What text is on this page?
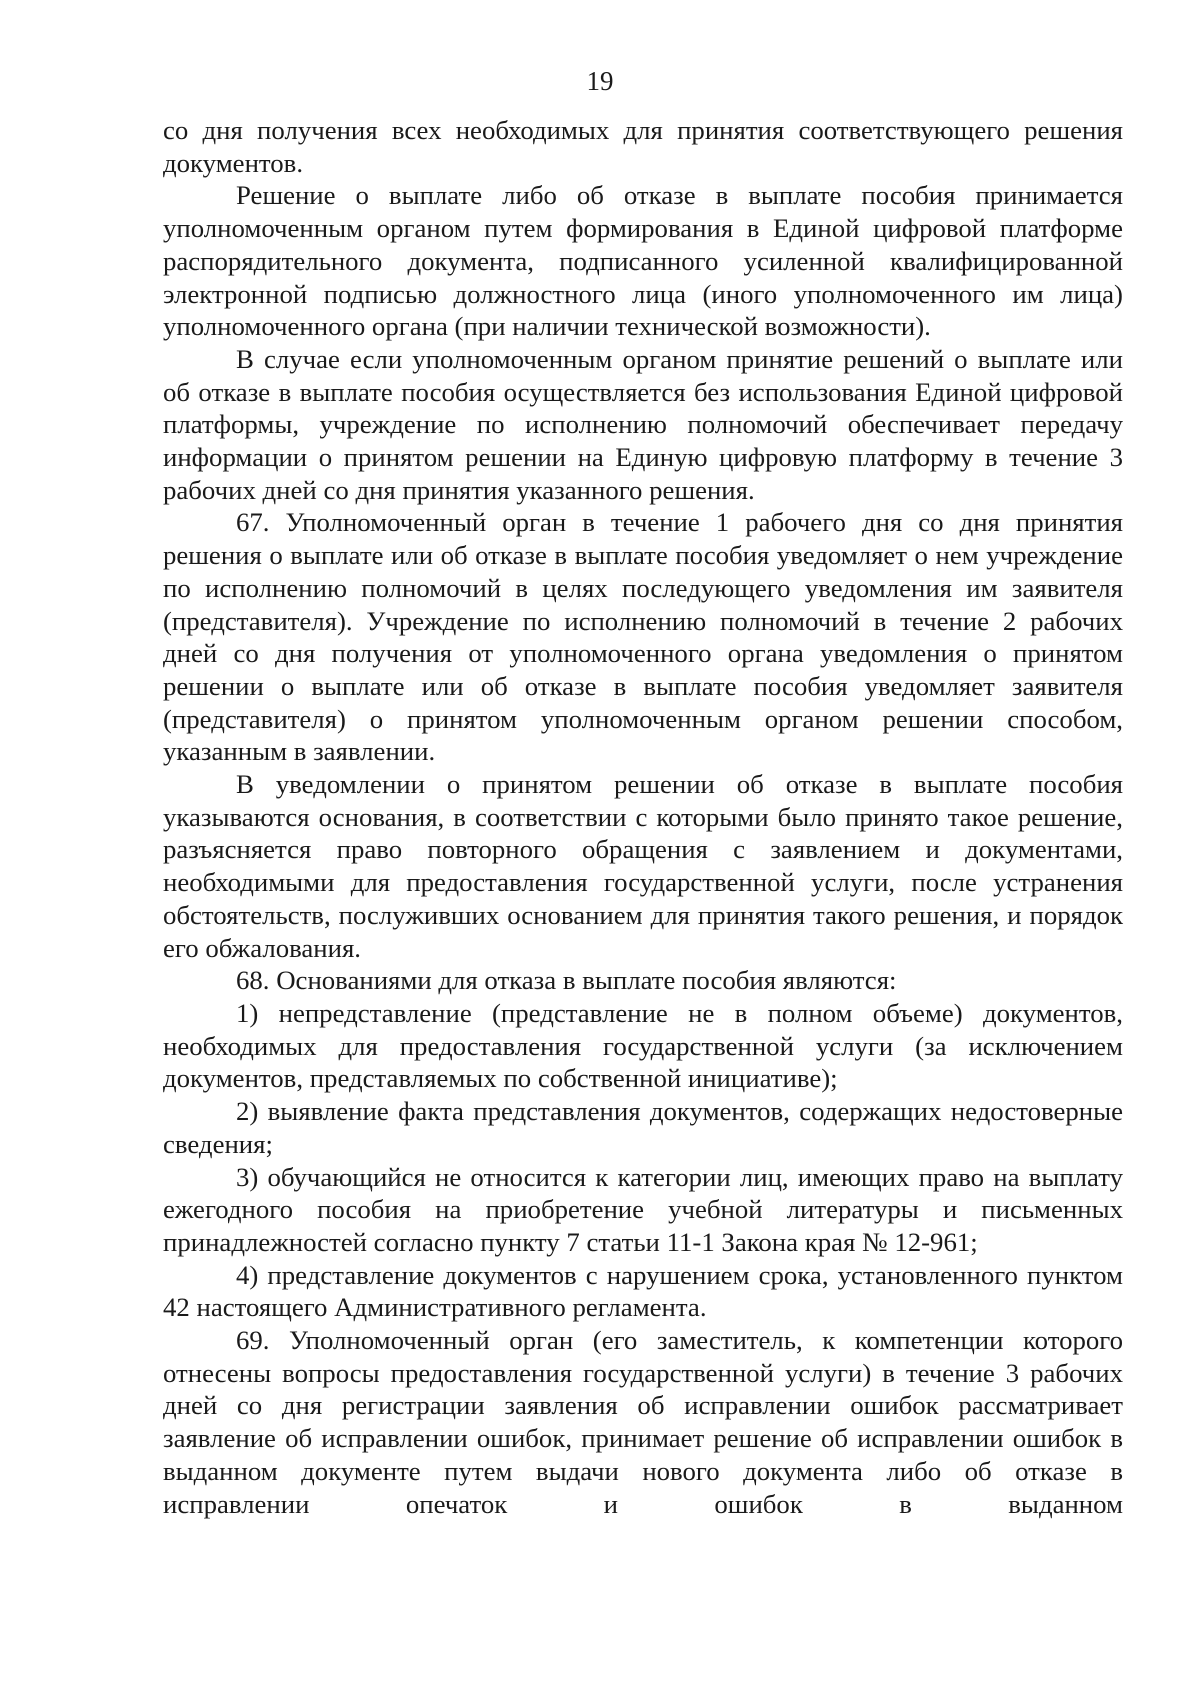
19

со дня получения всех необходимых для принятия соответствующего решения документов.

Решение о выплате либо об отказе в выплате пособия принимается уполномоченным органом путем формирования в Единой цифровой платформе распорядительного документа, подписанного усиленной квалифицированной электронной подписью должностного лица (иного уполномоченного им лица) уполномоченного органа (при наличии технической возможности).

В случае если уполномоченным органом принятие решений о выплате или об отказе в выплате пособия осуществляется без использования Единой цифровой платформы, учреждение по исполнению полномочий обеспечивает передачу информации о принятом решении на Единую цифровую платформу в течение 3 рабочих дней со дня принятия указанного решения.

67. Уполномоченный орган в течение 1 рабочего дня со дня принятия решения о выплате или об отказе в выплате пособия уведомляет о нем учреждение по исполнению полномочий в целях последующего уведомления им заявителя (представителя). Учреждение по исполнению полномочий в течение 2 рабочих дней со дня получения от уполномоченного органа уведомления о принятом решении о выплате или об отказе в выплате пособия уведомляет заявителя (представителя) о принятом уполномоченным органом решении способом, указанным в заявлении.

В уведомлении о принятом решении об отказе в выплате пособия указываются основания, в соответствии с которыми было принято такое решение, разъясняется право повторного обращения с заявлением и документами, необходимыми для предоставления государственной услуги, после устранения обстоятельств, послуживших основанием для принятия такого решения, и порядок его обжалования.

68. Основаниями для отказа в выплате пособия являются:

1) непредставление (представление не в полном объеме) документов, необходимых для предоставления государственной услуги (за исключением документов, представляемых по собственной инициативе);

2) выявление факта представления документов, содержащих недостоверные сведения;

3) обучающийся не относится к категории лиц, имеющих право на выплату ежегодного пособия на приобретение учебной литературы и письменных принадлежностей согласно пункту 7 статьи 11-1 Закона края № 12-961;

4) представление документов с нарушением срока, установленного пунктом 42 настоящего Административного регламента.

69. Уполномоченный орган (его заместитель, к компетенции которого отнесены вопросы предоставления государственной услуги) в течение 3 рабочих дней со дня регистрации заявления об исправлении ошибок рассматривает заявление об исправлении ошибок, принимает решение об исправлении ошибок в выданном документе путем выдачи нового документа либо об отказе в исправлении опечаток и ошибок в выданном
